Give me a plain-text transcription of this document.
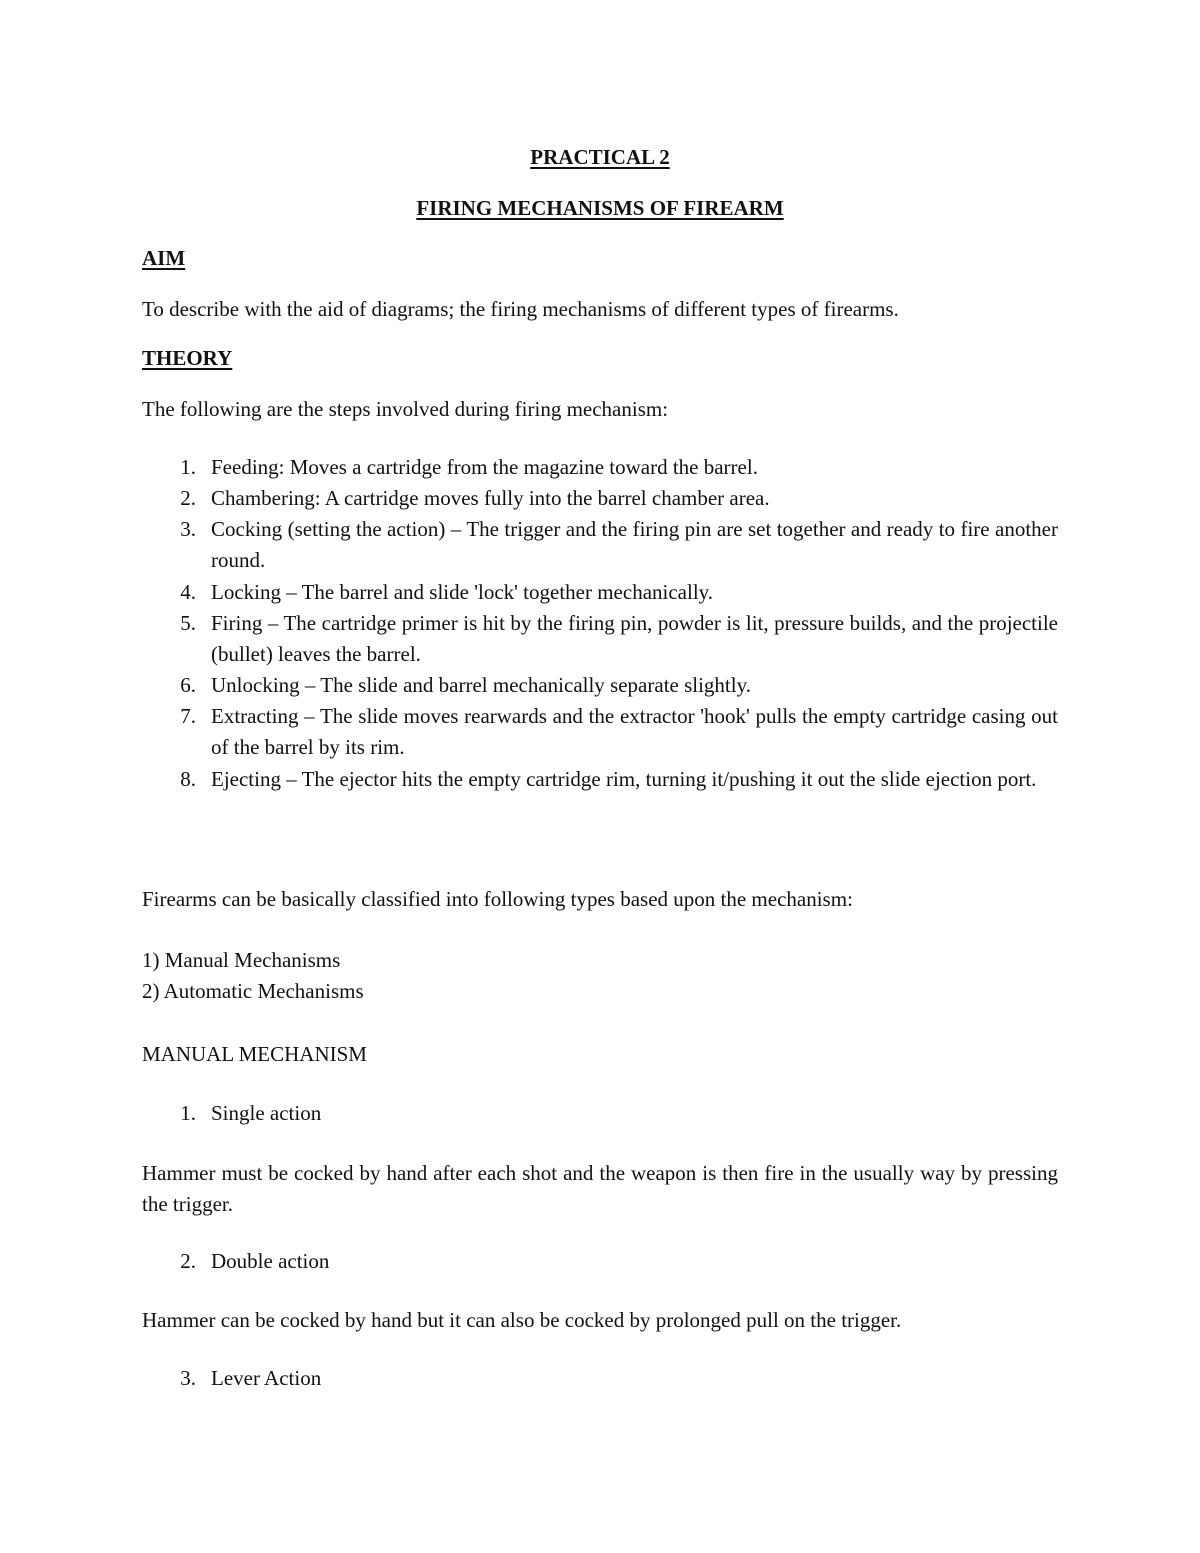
PRACTICAL 2

FIRING MECHANISMS OF FIREARM

AIM

To describe with the aid of diagrams; the firing mechanisms of different types of firearms.

THEORY

The following are the steps involved during firing mechanism:

1. Feeding: Moves a cartridge from the magazine toward the barrel.
2. Chambering: A cartridge moves fully into the barrel chamber area.
3. Cocking (setting the action) – The trigger and the firing pin are set together and ready to fire another round.
4. Locking – The barrel and slide 'lock' together mechanically.
5. Firing – The cartridge primer is hit by the firing pin, powder is lit, pressure builds, and the projectile (bullet) leaves the barrel.
6. Unlocking – The slide and barrel mechanically separate slightly.
7. Extracting – The slide moves rearwards and the extractor 'hook' pulls the empty cartridge casing out of the barrel by its rim.
8. Ejecting – The ejector hits the empty cartridge rim, turning it/pushing it out the slide ejection port.

Firearms can be basically classified into following types based upon the mechanism:

1) Manual Mechanisms

2) Automatic Mechanisms

MANUAL MECHANISM

1. Single action

Hammer must be cocked by hand after each shot and the weapon is then fire in the usually way by pressing the trigger.

2. Double action

Hammer can be cocked by hand but it can also be cocked by prolonged pull on the trigger.

3. Lever Action
